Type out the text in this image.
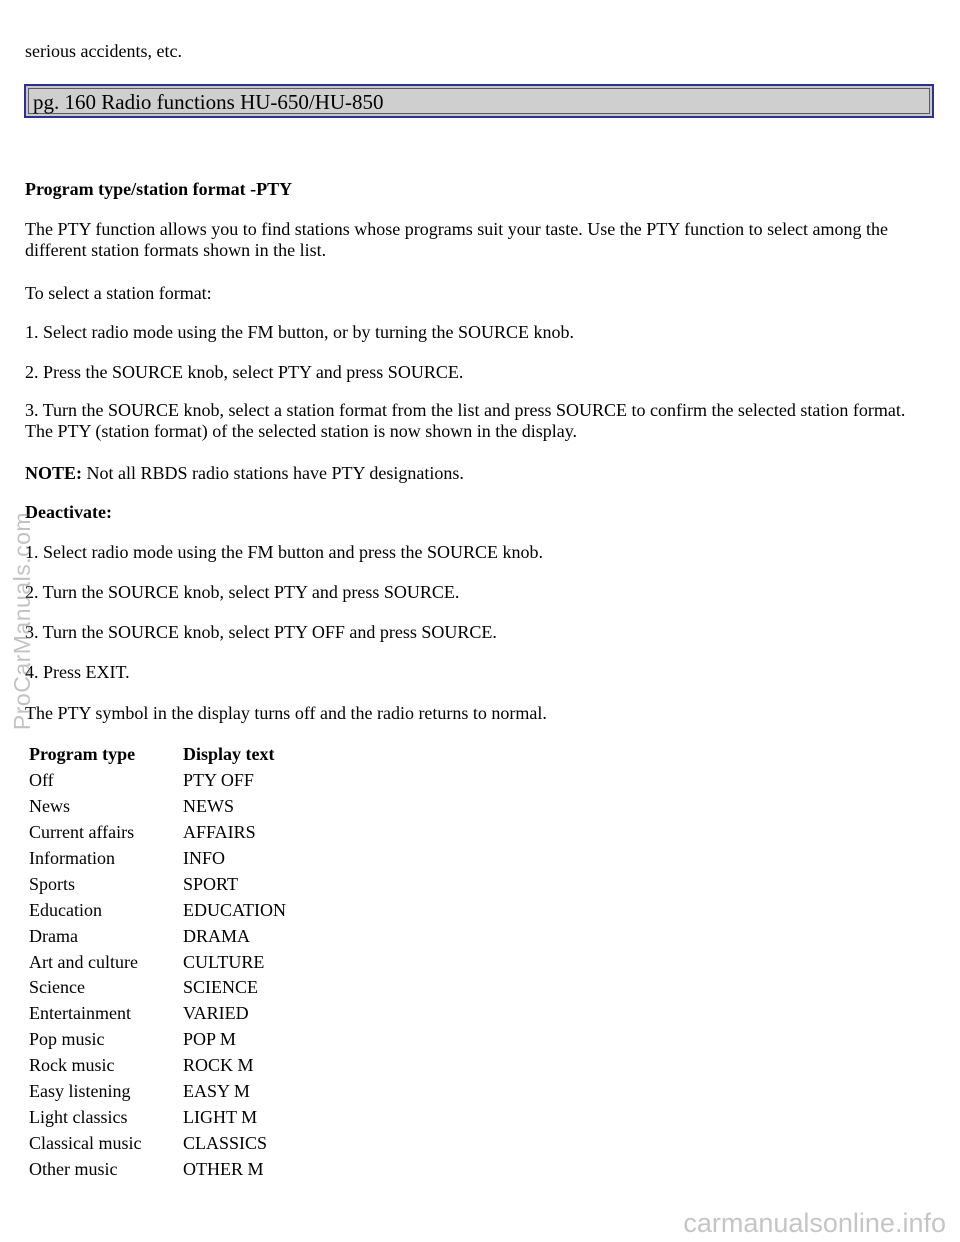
serious accidents, etc.
pg. 160 Radio functions HU-650/HU-850
Program type/station format -PTY
The PTY function allows you to find stations whose programs suit your taste. Use the PTY function to select among the different station formats shown in the list.
To select a station format:
1. Select radio mode using the FM button, or by turning the SOURCE knob.
2. Press the SOURCE knob, select PTY and press SOURCE.
3. Turn the SOURCE knob, select a station format from the list and press SOURCE to confirm the selected station format. The PTY (station format) of the selected station is now shown in the display.
NOTE: Not all RBDS radio stations have PTY designations.
Deactivate:
1. Select radio mode using the FM button and press the SOURCE knob.
2. Turn the SOURCE knob, select PTY and press SOURCE.
3. Turn the SOURCE knob, select PTY OFF and press SOURCE.
4. Press EXIT.
The PTY symbol in the display turns off and the radio returns to normal.
Program type	Display text
Off	PTY OFF
News	NEWS
Current affairs	AFFAIRS
Information	INFO
Sports	SPORT
Education	EDUCATION
Drama	DRAMA
Art and culture	CULTURE
Science	SCIENCE
Entertainment	VARIED
Pop music	POP M
Rock music	ROCK M
Easy listening	EASY M
Light classics	LIGHT M
Classical music	CLASSICS
Other music	OTHER M
ProCarManuals.com
carmanualsonline.info
